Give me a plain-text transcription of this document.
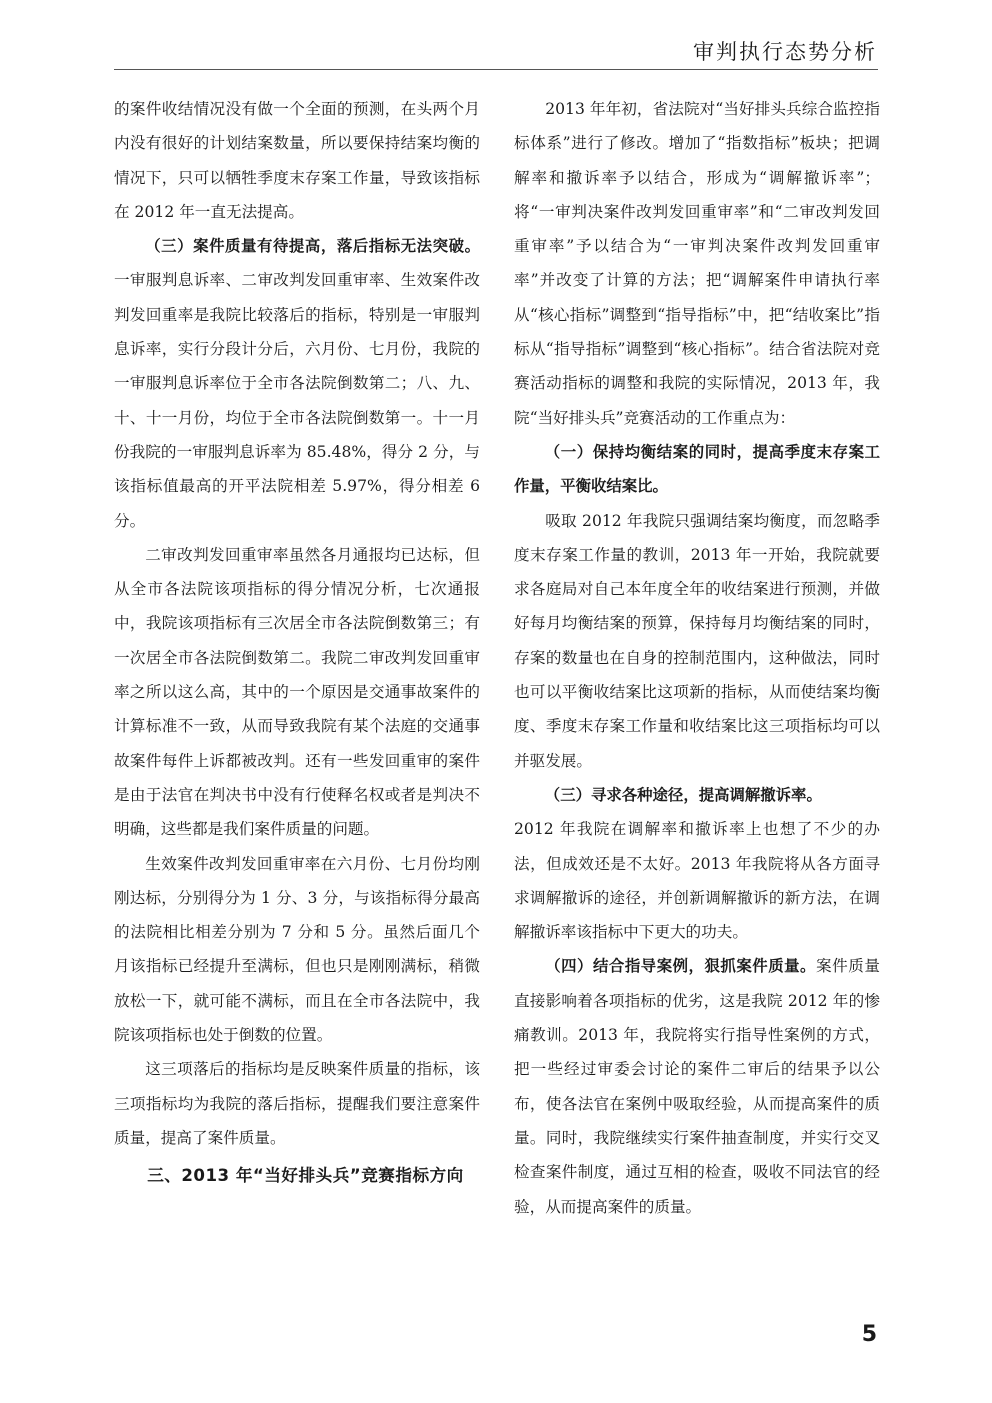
审判执行态势分析

的案件收结情况没有做一个全面的预测，在头两个月内没有很好的计划结案数量，所以要保持结案均衡的情况下，只可以牺牲季度末存案工作量，导致该指标在 2012 年一直无法提高。

（三）案件质量有待提高，落后指标无法突破。一审服判息诉率、二审改判发回重审率、生效案件改判发回重率是我院比较落后的指标，特别是一审服判息诉率，实行分段计分后，六月份、七月份，我院的一审服判息诉率位于全市各法院倒数第二；八、九、十、十一月份，均位于全市各法院倒数第一。十一月份我院的一审服判息诉率为 85.48%，得分 2 分，与该指标值最高的开平法院相差 5.97%，得分相差 6 分。

二审改判发回重审率虽然各月通报均已达标，但从全市各法院该项指标的得分情况分析，七次通报中，我院该项指标有三次居全市各法院倒数第三；有一次居全市各法院倒数第二。我院二审改判发回重审率之所以这么高，其中的一个原因是交通事故案件的计算标准不一致，从而导致我院有某个法庭的交通事故案件每件上诉都被改判。还有一些发回重审的案件是由于法官在判决书中没有行使释名权或者是判决不明确，这些都是我们案件质量的问题。

生效案件改判发回重审率在六月份、七月份均刚刚达标，分别得分为 1 分、3 分，与该指标得分最高的法院相比相差分别为 7 分和 5 分。虽然后面几个月该指标已经提升至满标，但也只是刚刚满标，稍微放松一下，就可能不满标，而且在全市各法院中，我院该项指标也处于倒数的位置。

这三项落后的指标均是反映案件质量的指标，该三项指标均为我院的落后指标，提醒我们要注意案件质量，提高了案件质量。

三、2013 年“当好排头兵”竞赛指标方向

2013 年年初，省法院对“当好排头兵综合监控指标体系”进行了修改。增加了“指数指标”板块；把调解率和撤诉率予以结合，形成为“调解撤诉率”；将“一审判决案件改判发回重审率”和“二审改判发回重审率”予以结合为“一审判决案件改判发回重审率”并改变了计算的方法；把“调解案件申请执行率从“核心指标”调整到“指导指标”中，把“结收案比”指标从“指导指标”调整到“核心指标”。结合省法院对竞赛活动指标的调整和我院的实际情况，2013 年，我院“当好排头兵”竞赛活动的工作重点为：

（一）保持均衡结案的同时，提高季度末存案工作量，平衡收结案比。

吸取 2012 年我院只强调结案均衡度，而忽略季度末存案工作量的教训，2013 年一开始，我院就要求各庭局对自己本年度全年的收结案进行预测，并做好每月均衡结案的预算，保持每月均衡结案的同时，存案的数量也在自身的控制范围内，这种做法，同时也可以平衡收结案比这项新的指标，从而使结案均衡度、季度末存案工作量和收结案比这三项指标均可以并驱发展。

（三）寻求各种途径，提高调解撤诉率。

2012 年我院在调解率和撤诉率上也想了不少的办法，但成效还是不太好。2013 年我院将从各方面寻求调解撤诉的途径，并创新调解撤诉的新方法，在调解撤诉率该指标中下更大的功夫。

（四）结合指导案例，狠抓案件质量。案件质量直接影响着各项指标的优劣，这是我院 2012 年的惨痛教训。2013 年，我院将实行指导性案例的方式，把一些经过审委会讨论的案件二审后的结果予以公布，使各法官在案例中吸取经验，从而提高案件的质量。同时，我院继续实行案件抽查制度，并实行交叉检查案件制度，通过互相的检查，吸收不同法官的经验，从而提高案件的质量。

5
